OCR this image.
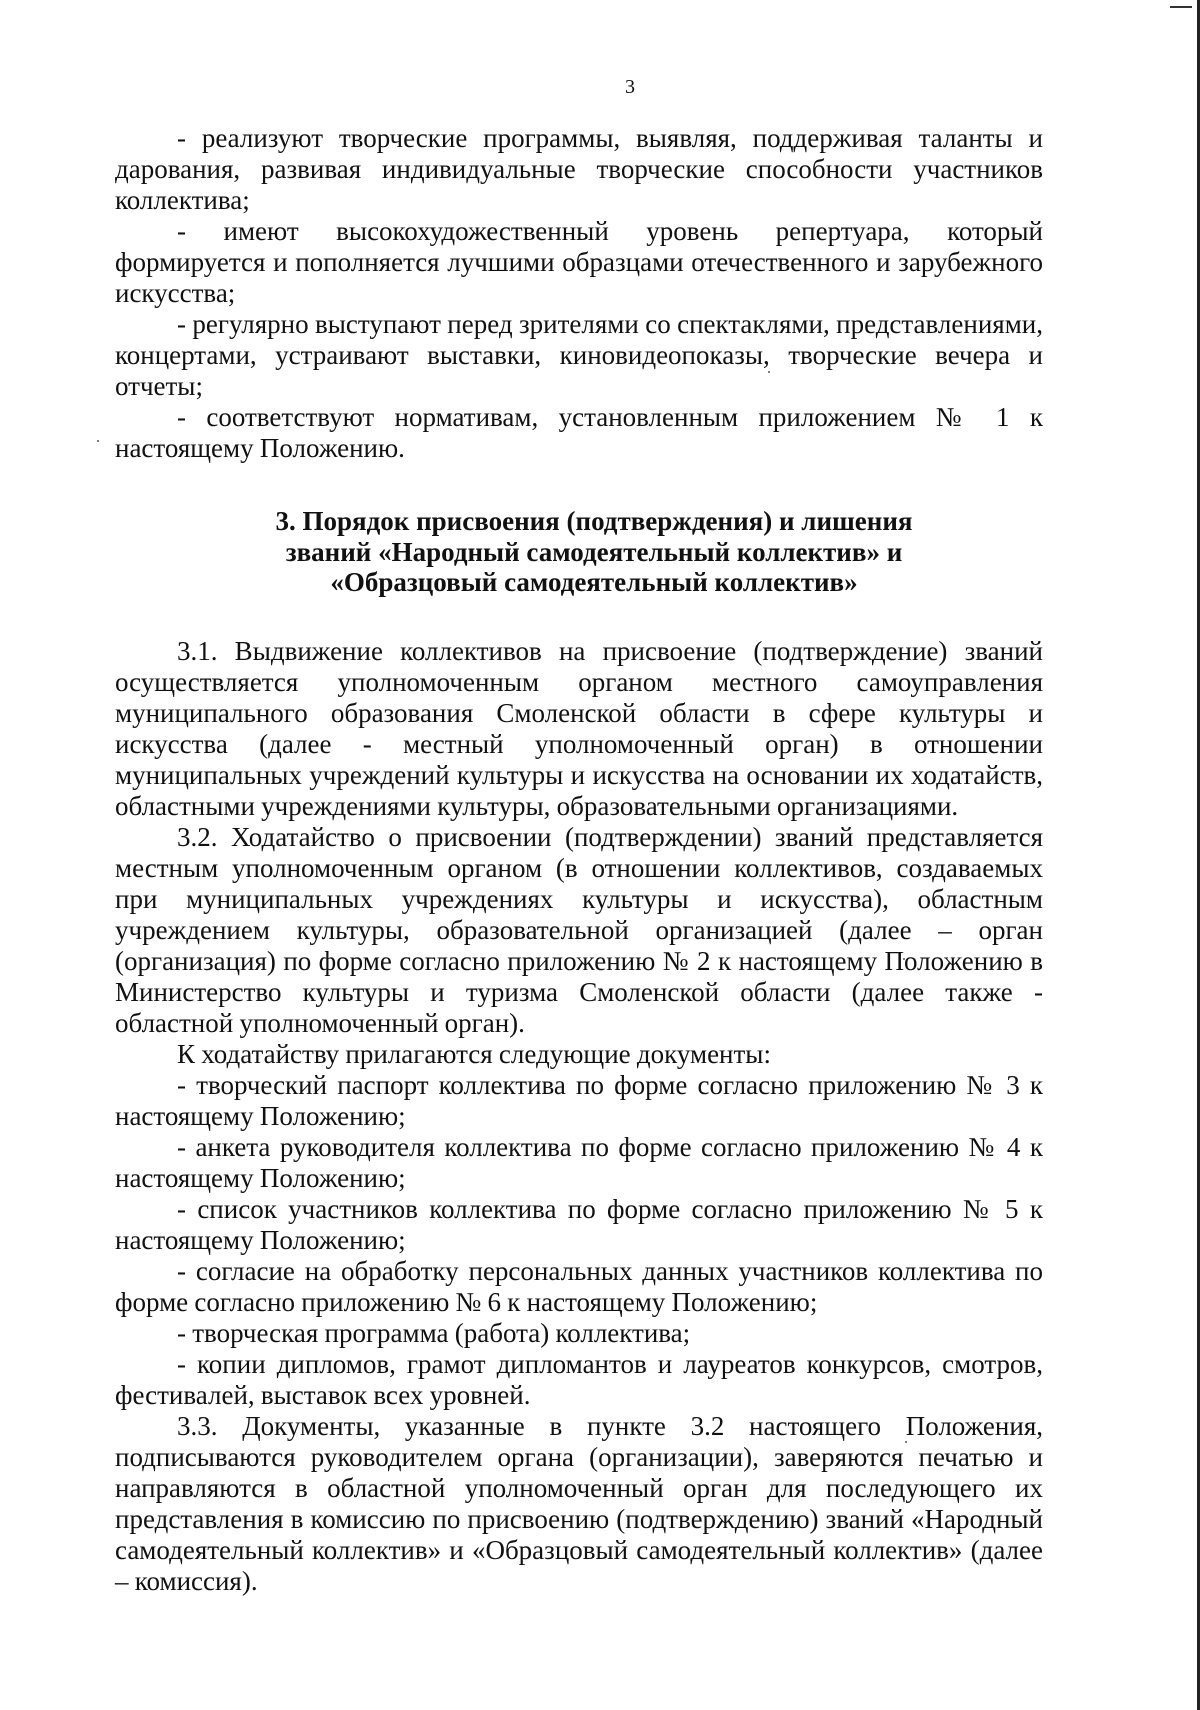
3

- реализуют творческие программы, выявляя, поддерживая таланты и дарования, развивая индивидуальные творческие способности участников коллектива;

- имеют высокохудожественный уровень репертуара, который формируется и пополняется лучшими образцами отечественного и зарубежного искусства;

- регулярно выступают перед зрителями со спектаклями, представлениями, концертами, устраивают выставки, киновидеопоказы, творческие вечера и отчеты;

- соответствуют нормативам, установленным приложением № 1 к настоящему Положению.

3. Порядок присвоения (подтверждения) и лишения
званий «Народный самодеятельный коллектив» и
«Образцовый самодеятельный коллектив»

3.1. Выдвижение коллективов на присвоение (подтверждение) званий осуществляется уполномоченным органом местного самоуправления муниципального образования Смоленской области в сфере культуры и искусства (далее - местный уполномоченный орган) в отношении муниципальных учреждений культуры и искусства на основании их ходатайств, областными учреждениями культуры, образовательными организациями.

3.2. Ходатайство о присвоении (подтверждении) званий представляется местным уполномоченным органом (в отношении коллективов, создаваемых при муниципальных учреждениях культуры и искусства), областным учреждением культуры, образовательной организацией (далее – орган (организация) по форме согласно приложению № 2 к настоящему Положению в Министерство культуры и туризма Смоленской области (далее также - областной уполномоченный орган).

К ходатайству прилагаются следующие документы:

- творческий паспорт коллектива по форме согласно приложению № 3 к настоящему Положению;

- анкета руководителя коллектива по форме согласно приложению № 4 к настоящему Положению;

- список участников коллектива по форме согласно приложению № 5 к настоящему Положению;

- согласие на обработку персональных данных участников коллектива по форме согласно приложению № 6 к настоящему Положению;

- творческая программа (работа) коллектива;

- копии дипломов, грамот дипломантов и лауреатов конкурсов, смотров, фестивалей, выставок всех уровней.

3.3. Документы, указанные в пункте 3.2 настоящего Положения, подписываются руководителем органа (организации), заверяются печатью и направляются в областной уполномоченный орган для последующего их представления в комиссию по присвоению (подтверждению) званий «Народный самодеятельный коллектив» и «Образцовый самодеятельный коллектив» (далее – комиссия).
